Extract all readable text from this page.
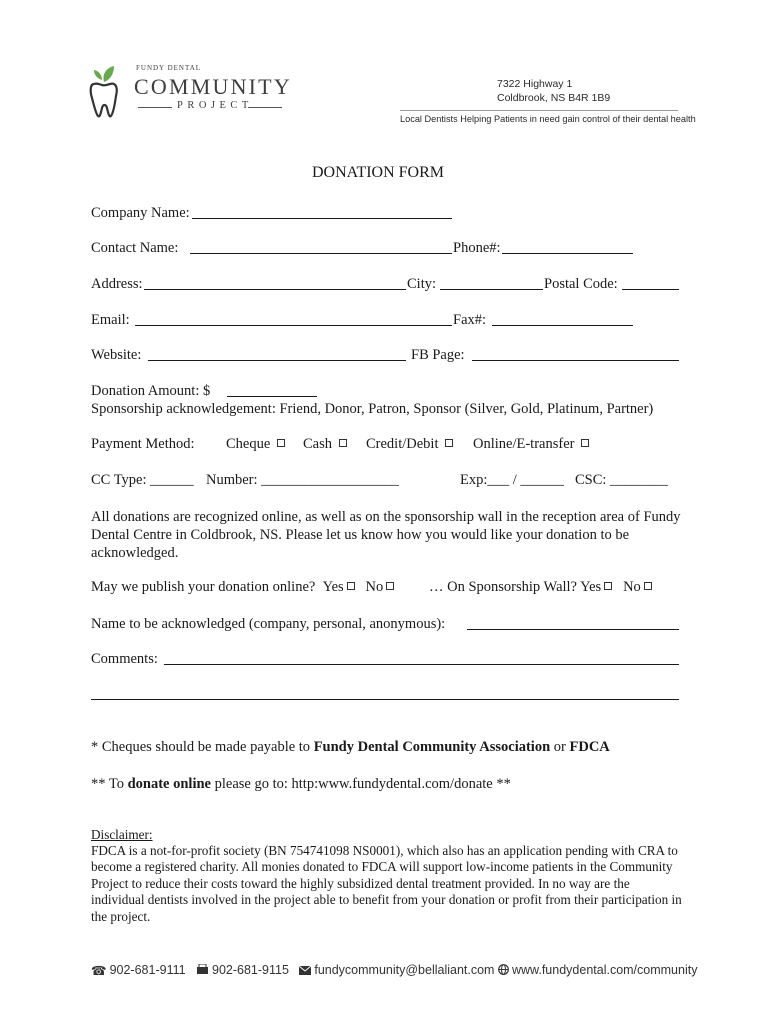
FUNDY DENTAL
COMMUNITY
PROJECT
7322 Highway 1
Coldbrook, NS B4R 1B9
Local Dentists Helping Patients in need gain control of their dental health
DONATION FORM
Company Name:
Contact Name:	Phone#:
Address:	City:	Postal Code:
Email:	Fax#:
Website:	FB Page:
Donation Amount: $
Sponsorship acknowledgement: Friend, Donor, Patron, Sponsor (Silver, Gold, Platinum, Partner)
Payment Method: Cheque	Cash	Credit/Debit	Online/E-transfer
CC Type: ______ Number: ___________________	Exp:___ / ______ CSC: ________
All donations are recognized online, as well as on the sponsorship wall in the reception area of Fundy Dental Centre in Coldbrook, NS. Please let us know how you would like your donation to be acknowledged.
May we publish your donation online? Yes No	… On Sponsorship Wall? Yes No
Name to be acknowledged (company, personal, anonymous):
Comments:
* Cheques should be made payable to Fundy Dental Community Association or FDCA
** To donate online please go to: http:www.fundydental.com/donate **
Disclaimer:
FDCA is a not-for-profit society (BN 754741098 NS0001), which also has an application pending with CRA to become a registered charity. All monies donated to FDCA will support low-income patients in the Community Project to reduce their costs toward the highly subsidized dental treatment provided. In no way are the individual dentists involved in the project able to benefit from your donation or profit from their participation in the project.
☎ 902-681-9111 902-681-9115 fundycommunity@bellaliant.com www.fundydental.com/community
